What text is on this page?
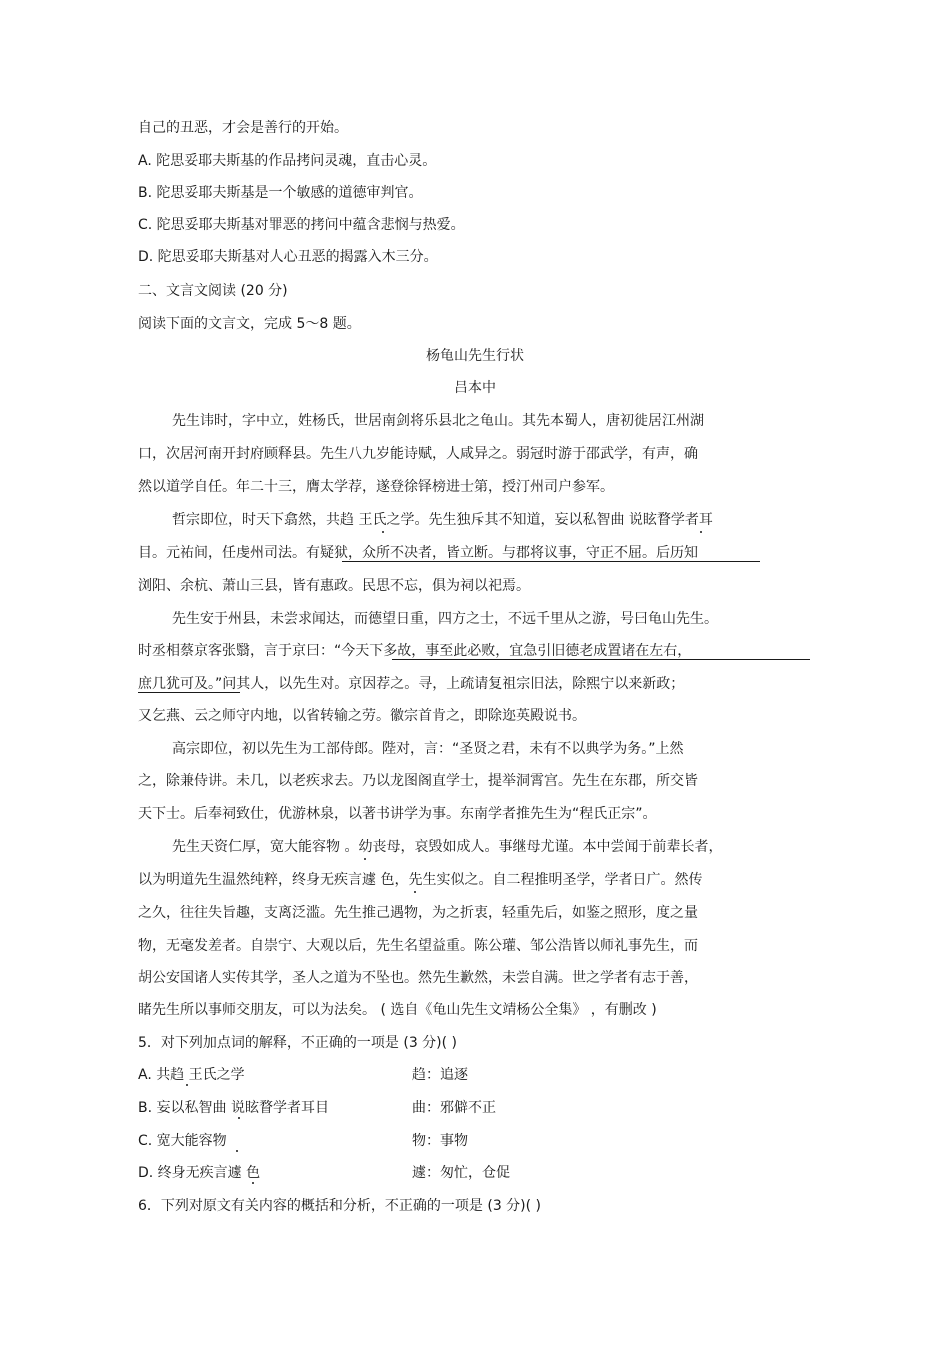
自己的丑恶，才会是善行的开始。
A. 陀思妥耶夫斯基的作品拷问灵魂，直击心灵。
B. 陀思妥耶夫斯基是一个敏感的道德审判官。
C. 陀思妥耶夫斯基对罪恶的拷问中蕴含悲悯与热爱。
D. 陀思妥耶夫斯基对人心丑恶的揭露入木三分。
二、文言文阅读 (20 分)
阅读下面的文言文，完成 5～8 题。
杨龟山先生行状
吕本中
先生讳时，字中立，姓杨氏，世居南剑将乐县北之龟山。其先本蜀人，唐初徙居江州湖
口，次居河南开封府顾释县。先生八九岁能诗赋，人咸异之。弱冠时游于邵武学，有声，确
然以道学自任。年二十三，膺太学荐，遂登徐铎榜进士第，授汀州司户参军。
哲宗即位，时天下翕然，共趋 王氏之学。先生独斥其不知道，妄以私智曲 说眩瞀学者耳
目。元祐间，任虔州司法。有疑狱，众所不决者，皆立断。与郡将议事，守正不屈。后历知
浏阳、余杭、萧山三县，皆有惠政。民思不忘，俱为祠以祀焉。
先生安于州县，未尝求闻达，而德望日重，四方之士，不远千里从之游，号曰龟山先生。
时丞相蔡京客张翳，言于京曰：“今天下多故，事至此必败，宜急引旧德老成置诸在左右，
庶几犹可及。”问其人，以先生对。京因荐之。寻，上疏请复祖宗旧法，除熙宁以来新政；
又乞燕、云之师守内地，以省转输之劳。徽宗首肯之，即除迩英殿说书。
高宗即位，初以先生为工部侍郎。陛对，言：“圣贤之君，未有不以典学为务。”上然
之，除兼侍讲。未几，以老疾求去。乃以龙图阁直学士，提举洞霄宫。先生在东郡，所交皆
天下士。后奉祠致仕，优游林泉，以著书讲学为事。东南学者推先生为“程氏正宗”。
先生天资仁厚，宽大能容物 。幼丧母，哀毁如成人。事继母尤谨。本中尝闻于前辈长者，
以为明道先生温然纯粹，终身无疾言遽 色，先生实似之。自二程推明圣学，学者日广。然传
之久，往往失旨趣，支离泛滥。先生推己遇物，为之折衷，轻重先后，如鉴之照形，度之量
物，无毫发差者。自崇宁、大观以后，先生名望益重。陈公瓘、邹公浩皆以师礼事先生，而
胡公安国诸人实传其学，圣人之道为不坠也。然先生歉然，未尝自满。世之学者有志于善，
睹先生所以事师交朋友，可以为法矣。 ( 选自《龟山先生文靖杨公全集》 ，有删改 )
5．对下列加点词的解释，不正确的一项是 (3 分)( )
A. 共趋 王氏之学	趋：追逐
B. 妄以私智曲 说眩瞀学者耳目	曲：邪僻不正
C. 宽大能容物	物：事物
D. 终身无疾言遽 色	遽：匆忙，仓促
6．下列对原文有关内容的概括和分析，不正确的一项是 (3 分)( )
